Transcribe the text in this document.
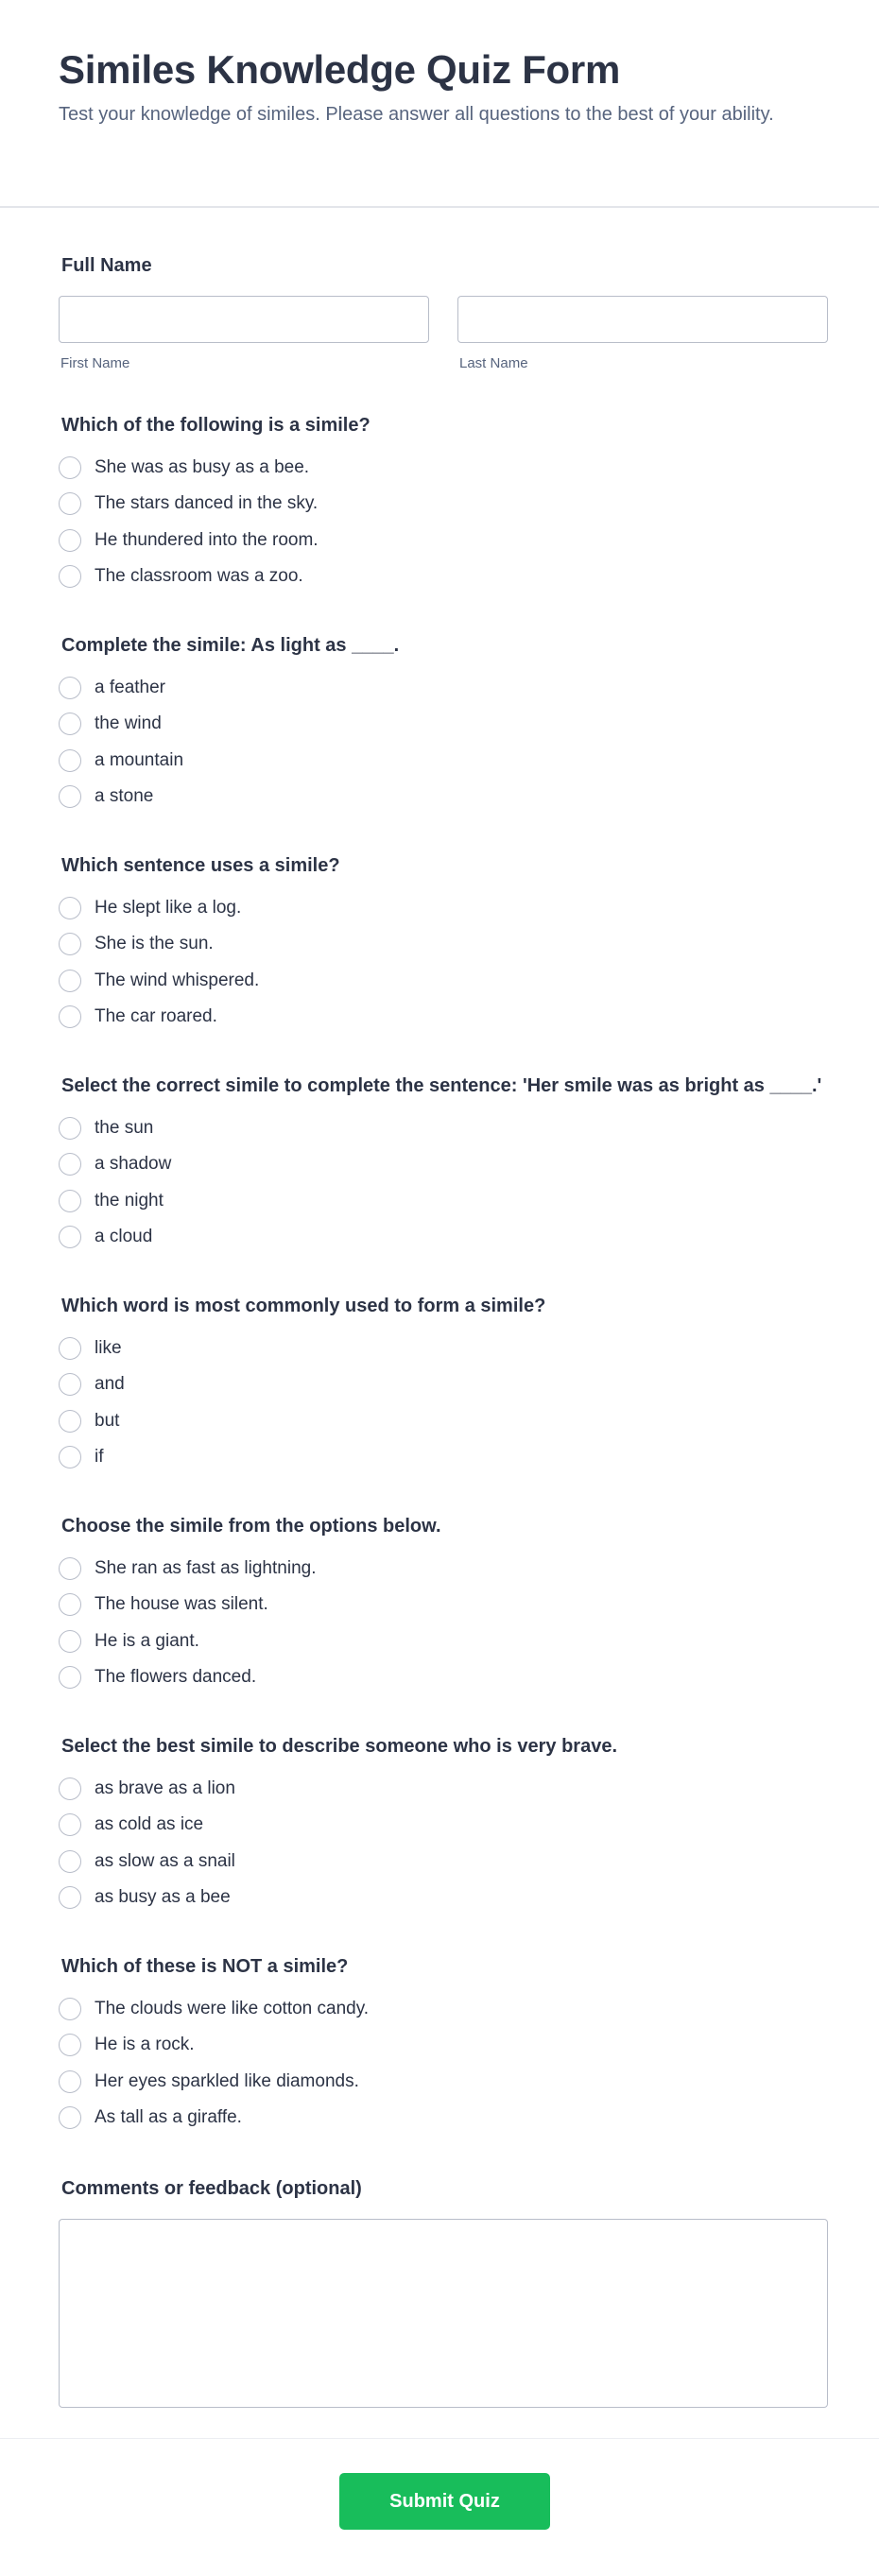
Similes Knowledge Quiz Form

Test your knowledge of similes. Please answer all questions to the best of your ability.

Full Name
First Name	Last Name
Which of the following is a simile?
She was as busy as a bee.
The stars danced in the sky.
He thundered into the room.
The classroom was a zoo.
Complete the simile: As light as ____.
a feather
the wind
a mountain
a stone
Which sentence uses a simile?
He slept like a log.
She is the sun.
The wind whispered.
The car roared.
Select the correct simile to complete the sentence: 'Her smile was as bright as ____.'
the sun
a shadow
the night
a cloud
Which word is most commonly used to form a simile?
like
and
but
if
Choose the simile from the options below.
She ran as fast as lightning.
The house was silent.
He is a giant.
The flowers danced.
Select the best simile to describe someone who is very brave.
as brave as a lion
as cold as ice
as slow as a snail
as busy as a bee
Which of these is NOT a simile?
The clouds were like cotton candy.
He is a rock.
Her eyes sparkled like diamonds.
As tall as a giraffe.
Comments or feedback (optional)
Submit Quiz
